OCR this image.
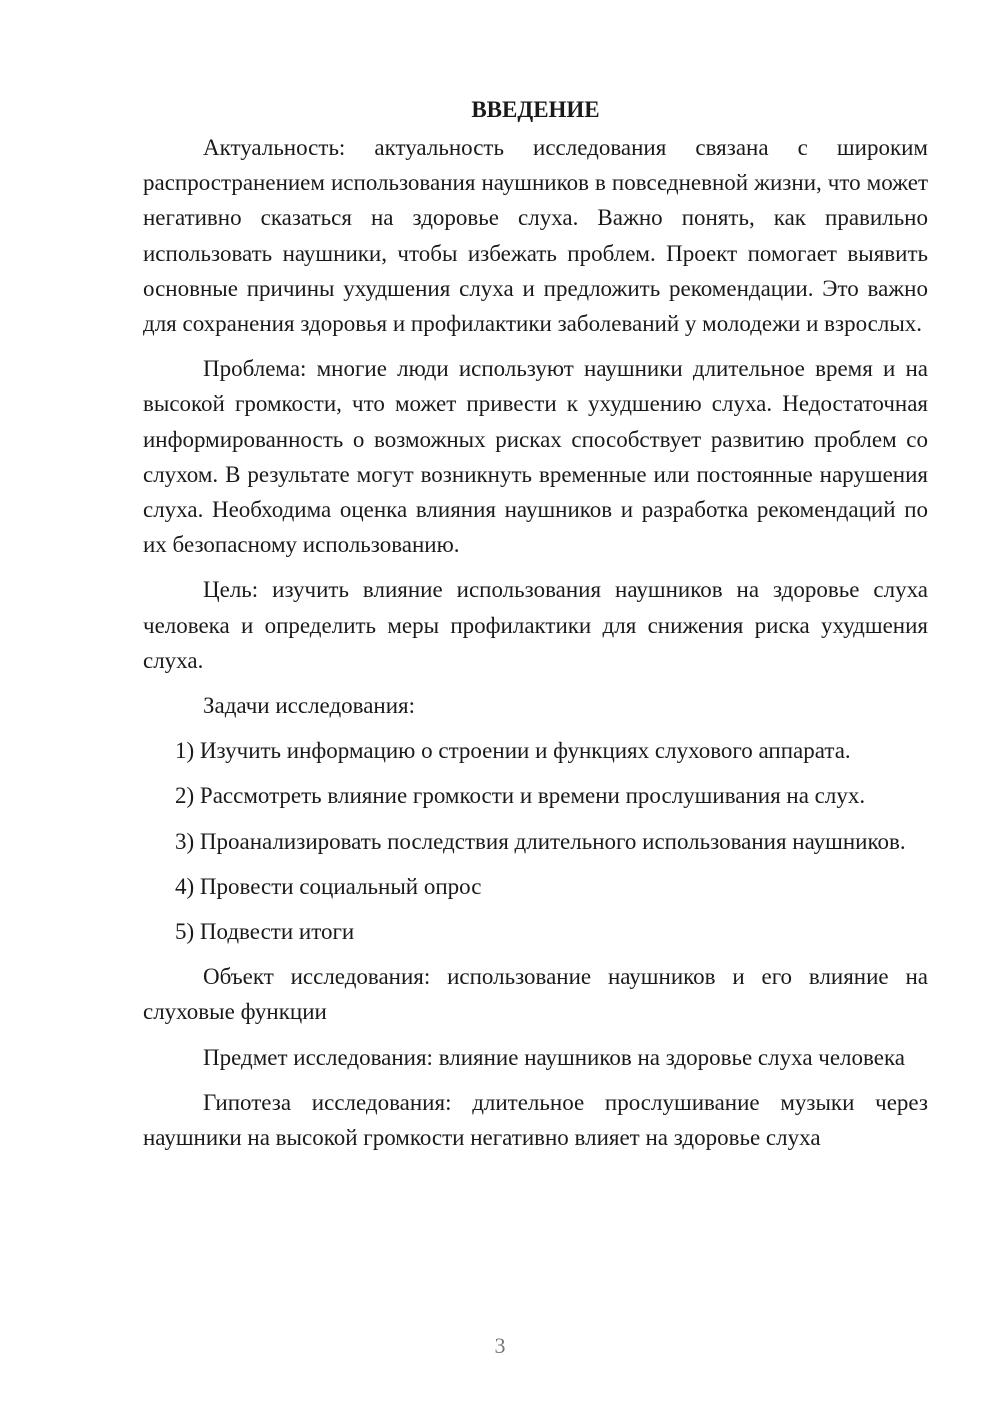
ВВЕДЕНИЕ

Актуальность: актуальность исследования связана с широким распространением использования наушников в повседневной жизни, что может негативно сказаться на здоровье слуха. Важно понять, как правильно использовать наушники, чтобы избежать проблем. Проект помогает выявить основные причины ухудшения слуха и предложить рекомендации. Это важно для сохранения здоровья и профилактики заболеваний у молодежи и взрослых.

Проблема: многие люди используют наушники длительное время и на высокой громкости, что может привести к ухудшению слуха. Недостаточная информированность о возможных рисках способствует развитию проблем со слухом. В результате могут возникнуть временные или постоянные нарушения слуха. Необходима оценка влияния наушников и разработка рекомендаций по их безопасному использованию.

Цель: изучить влияние использования наушников на здоровье слуха человека и определить меры профилактики для снижения риска ухудшения слуха.

Задачи исследования:

1) Изучить информацию о строении и функциях слухового аппарата.

2) Рассмотреть влияние громкости и времени прослушивания на слух.

3) Проанализировать последствия длительного использования наушников.

4) Провести социальный опрос

5) Подвести итоги

Объект исследования: использование наушников и его влияние на слуховые функции

Предмет исследования: влияние наушников на здоровье слуха человека

Гипотеза исследования: длительное прослушивание музыки через наушники на высокой громкости негативно влияет на здоровье слуха

3
